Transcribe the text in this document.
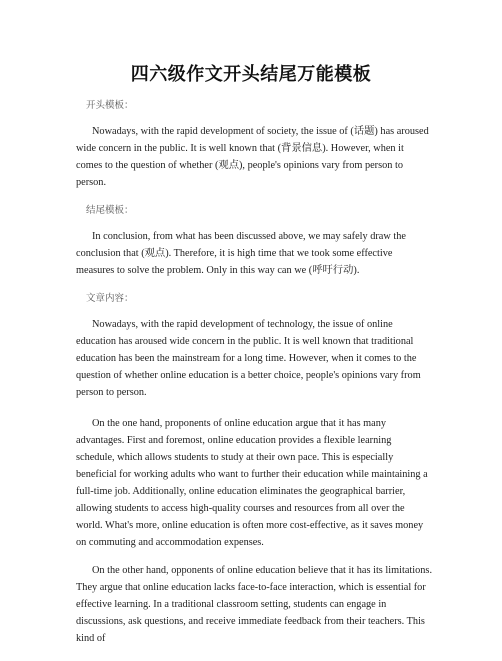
四六级作文开头结尾万能模板
开头模板：

Nowadays, with the rapid development of society, the issue of (话题) has aroused wide concern in the public. It is well known that (背景信息). However, when it comes to the question of whether (观点), people's opinions vary from person to person.

结尾模板：

In conclusion, from what has been discussed above, we may safely draw the conclusion that (观点). Therefore, it is high time that we took some effective measures to solve the problem. Only in this way can we (呼吁行动).

文章内容：

Nowadays, with the rapid development of technology, the issue of online education has aroused wide concern in the public. It is well known that traditional education has been the mainstream for a long time. However, when it comes to the question of whether online education is a better choice, people's opinions vary from person to person.

On the one hand, proponents of online education argue that it has many advantages. First and foremost, online education provides a flexible learning schedule, which allows students to study at their own pace. This is especially beneficial for working adults who want to further their education while maintaining a full-time job. Additionally, online education eliminates the geographical barrier, allowing students to access high-quality courses and resources from all over the world. What's more, online education is often more cost-effective, as it saves money on commuting and accommodation expenses.

On the other hand, opponents of online education believe that it has its limitations. They argue that online education lacks face-to-face interaction, which is essential for effective learning. In a traditional classroom setting, students can engage in discussions, ask questions, and receive immediate feedback from their teachers. This kind of
